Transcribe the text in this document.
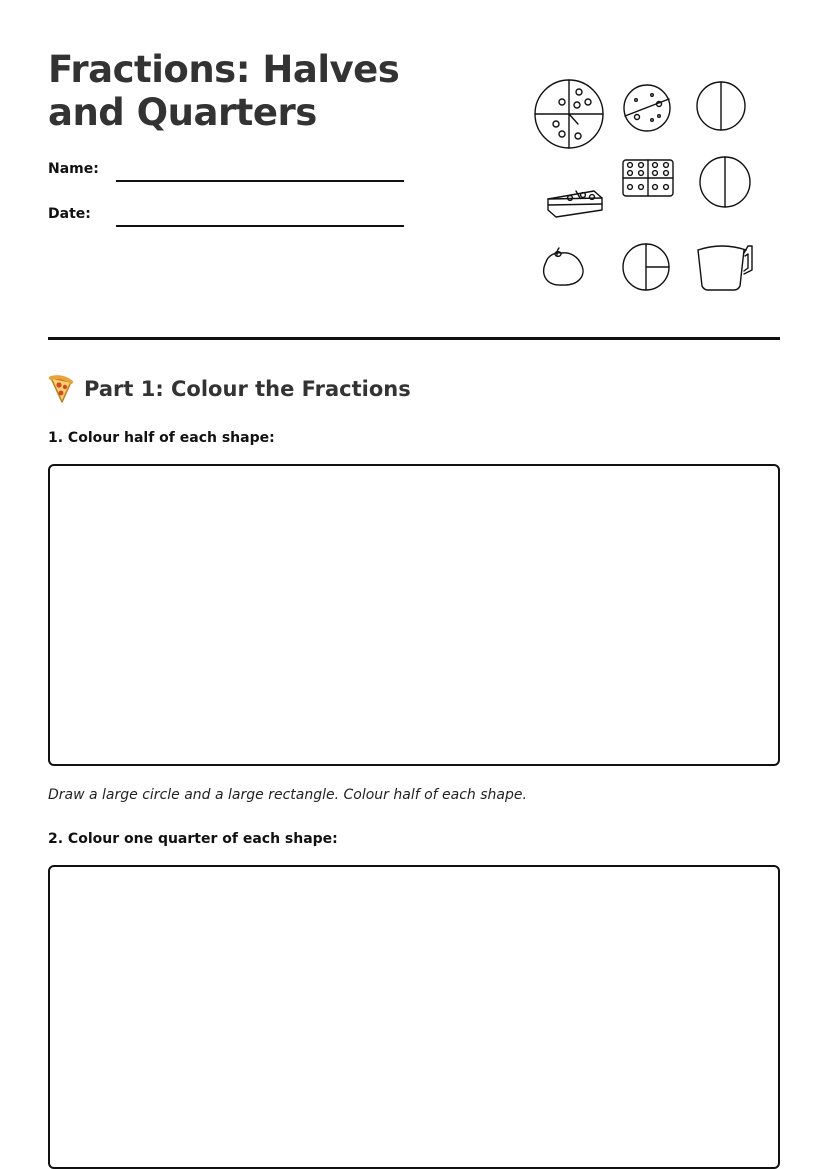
Fractions: Halves and Quarters
Name:
Date:
Part 1: Colour the Fractions

1. Colour half of each shape:

Draw a large circle and a large rectangle. Colour half of each shape.

2. Colour one quarter of each shape:
